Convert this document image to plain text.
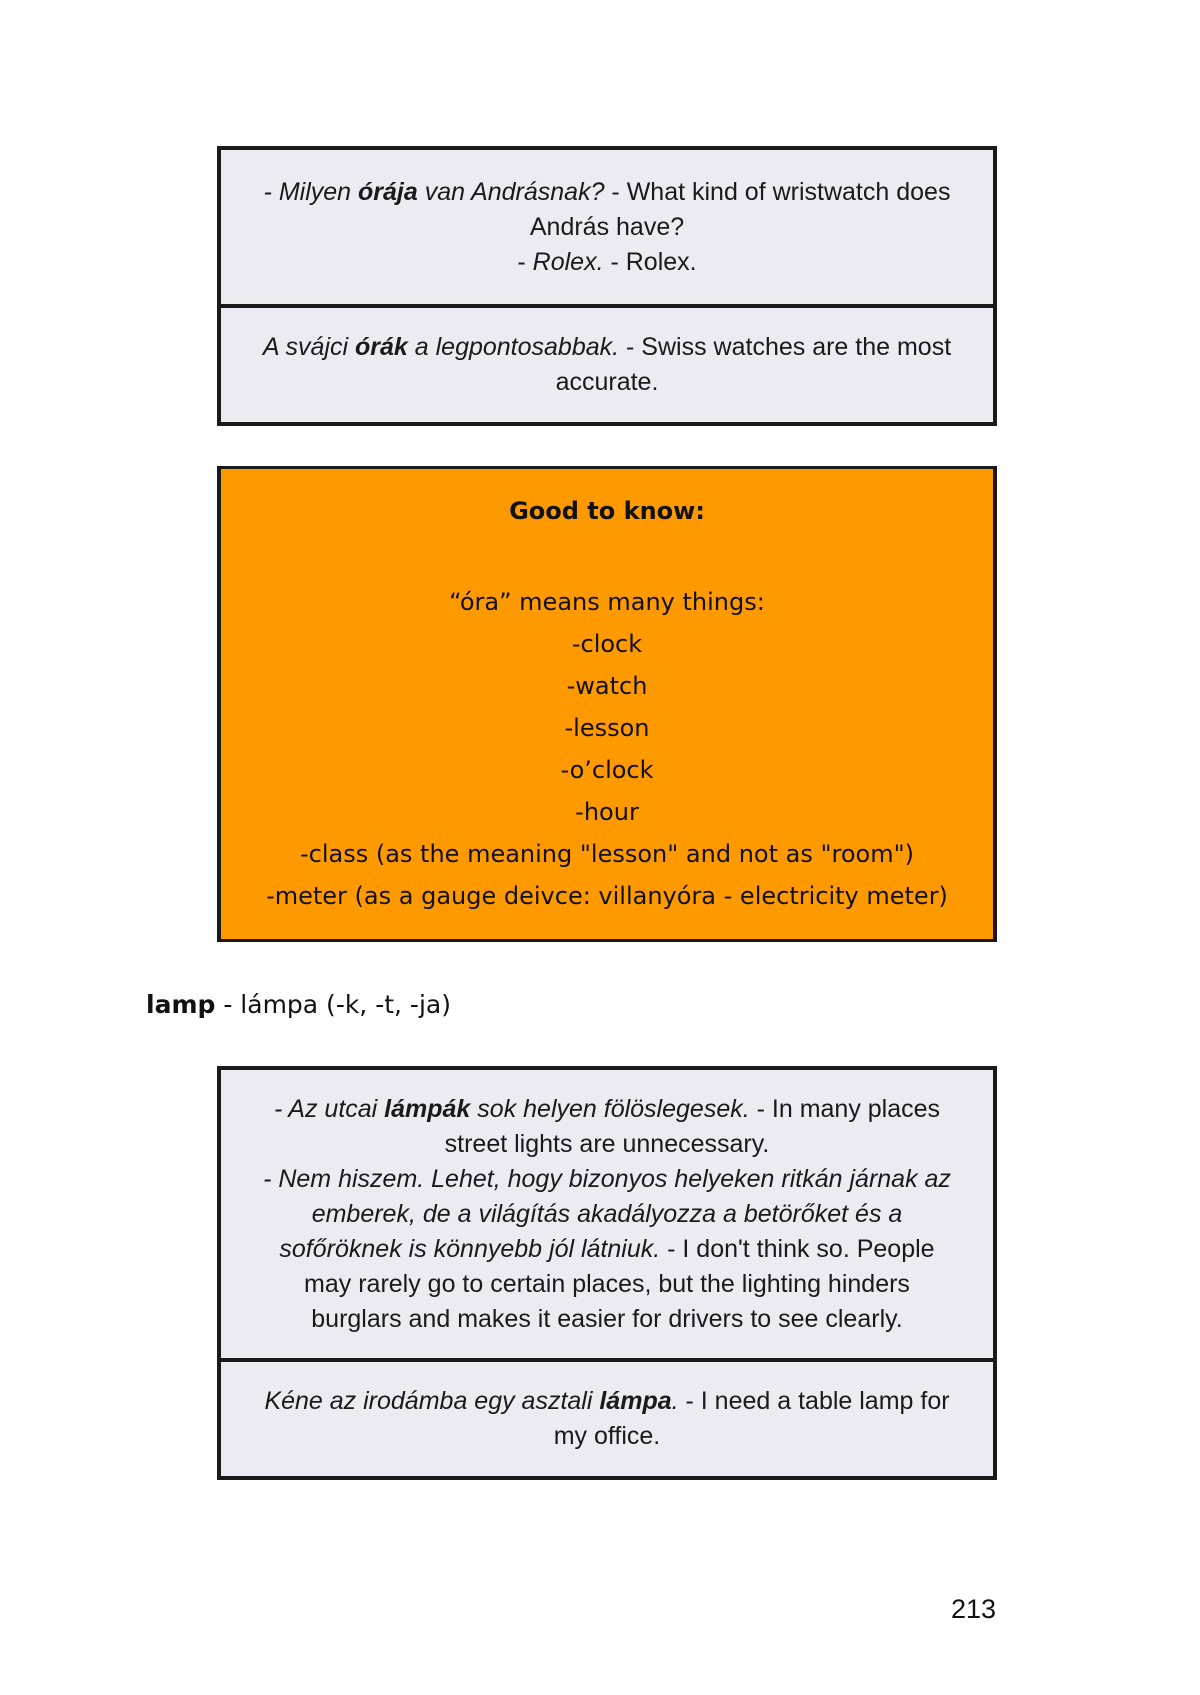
- Milyen órája van Andrásnak? - What kind of wristwatch does
András have?
- Rolex. - Rolex.
A svájci órák a legpontosabbak. - Swiss watches are the most
accurate.
Good to know:
“óra” means many things:
-clock
-watch
-lesson
-o’clock
-hour
-class (as the meaning "lesson" and not as "room")
-meter (as a gauge deivce: villanyóra - electricity meter)
lamp - lámpa (-k, -t, -ja)
- Az utcai lámpák sok helyen fölöslegesek. - In many places
street lights are unnecessary.
- Nem hiszem. Lehet, hogy bizonyos helyeken ritkán járnak az
emberek, de a világítás akadályozza a betörőket és a
sofőröknek is könnyebb jól látniuk. - I don't think so. People
may rarely go to certain places, but the lighting hinders
burglars and makes it easier for drivers to see clearly.
Kéne az irodámba egy asztali lámpa. - I need a table lamp for
my office.
213
